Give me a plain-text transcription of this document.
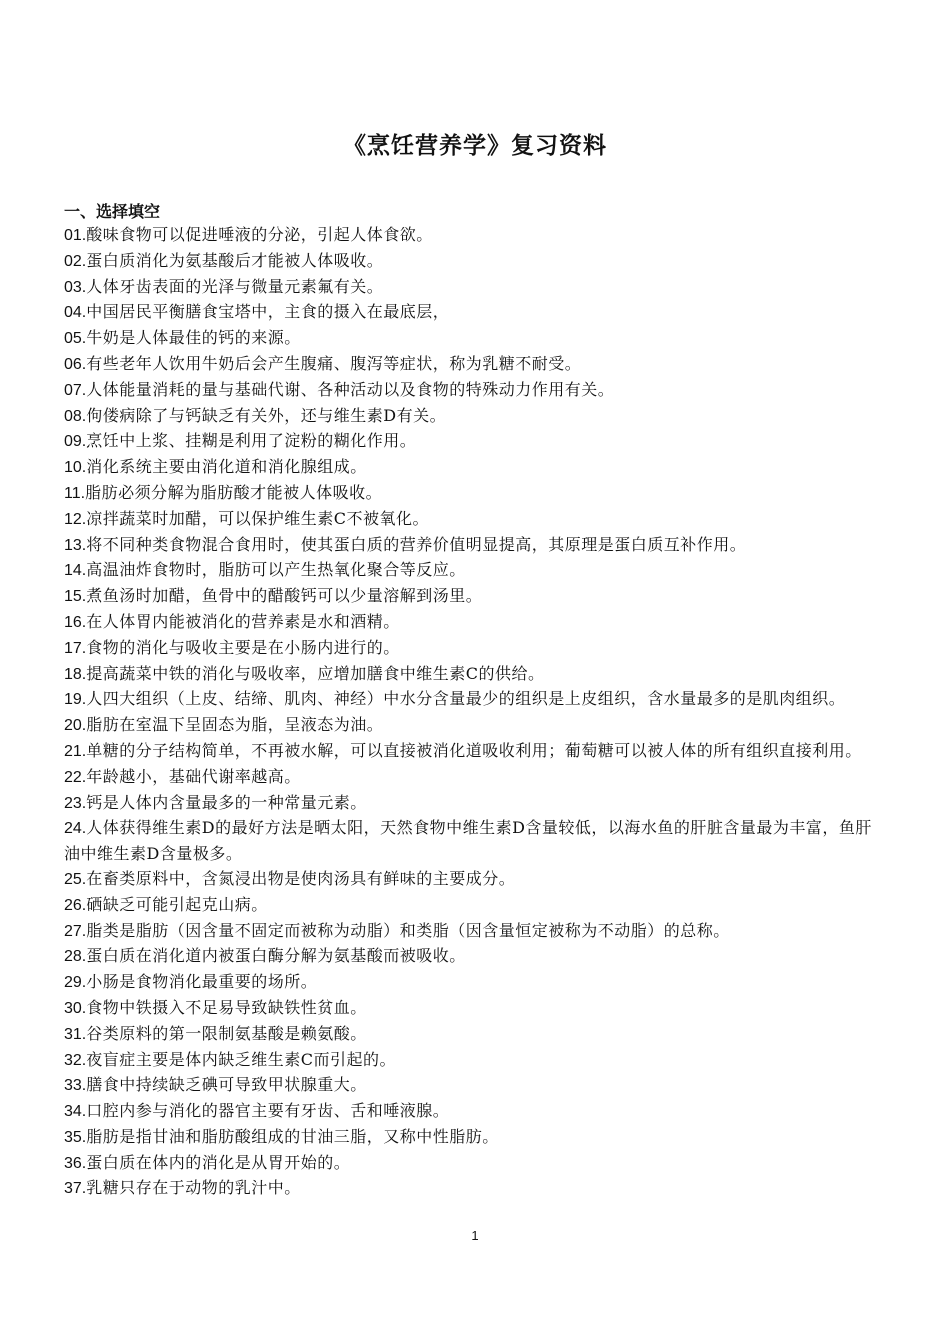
《烹饪营养学》复习资料
一、选择填空
01.酸味食物可以促进唾液的分泌，引起人体食欲。
02.蛋白质消化为氨基酸后才能被人体吸收。
03.人体牙齿表面的光泽与微量元素氟有关。
04.中国居民平衡膳食宝塔中，主食的摄入在最底层，
05.牛奶是人体最佳的钙的来源。
06.有些老年人饮用牛奶后会产生腹痛、腹泻等症状，称为乳糖不耐受。
07.人体能量消耗的量与基础代谢、各种活动以及食物的特殊动力作用有关。
08.佝偻病除了与钙缺乏有关外，还与维生素D有关。
09.烹饪中上浆、挂糊是利用了淀粉的糊化作用。
10.消化系统主要由消化道和消化腺组成。
11.脂肪必须分解为脂肪酸才能被人体吸收。
12.凉拌蔬菜时加醋，可以保护维生素C不被氧化。
13.将不同种类食物混合食用时，使其蛋白质的营养价值明显提高，其原理是蛋白质互补作用。
14.高温油炸食物时，脂肪可以产生热氧化聚合等反应。
15.煮鱼汤时加醋，鱼骨中的醋酸钙可以少量溶解到汤里。
16.在人体胃内能被消化的营养素是水和酒精。
17.食物的消化与吸收主要是在小肠内进行的。
18.提高蔬菜中铁的消化与吸收率，应增加膳食中维生素C的供给。
19.人四大组织（上皮、结缔、肌肉、神经）中水分含量最少的组织是上皮组织，含水量最多的是肌肉组织。
20.脂肪在室温下呈固态为脂，呈液态为油。
21.单糖的分子结构简单，不再被水解，可以直接被消化道吸收利用；葡萄糖可以被人体的所有组织直接利用。
22.年龄越小，基础代谢率越高。
23.钙是人体内含量最多的一种常量元素。
24.人体获得维生素D的最好方法是晒太阳，天然食物中维生素D含量较低，以海水鱼的肝脏含量最为丰富，鱼肝油中维生素D含量极多。
25.在畜类原料中，含氮浸出物是使肉汤具有鲜味的主要成分。
26.硒缺乏可能引起克山病。
27.脂类是脂肪（因含量不固定而被称为动脂）和类脂（因含量恒定被称为不动脂）的总称。
28.蛋白质在消化道内被蛋白酶分解为氨基酸而被吸收。
29.小肠是食物消化最重要的场所。
30.食物中铁摄入不足易导致缺铁性贫血。
31.谷类原料的第一限制氨基酸是赖氨酸。
32.夜盲症主要是体内缺乏维生素C而引起的。
33.膳食中持续缺乏碘可导致甲状腺重大。
34.口腔内参与消化的器官主要有牙齿、舌和唾液腺。
35.脂肪是指甘油和脂肪酸组成的甘油三脂，又称中性脂肪。
36.蛋白质在体内的消化是从胃开始的。
37.乳糖只存在于动物的乳汁中。
1
